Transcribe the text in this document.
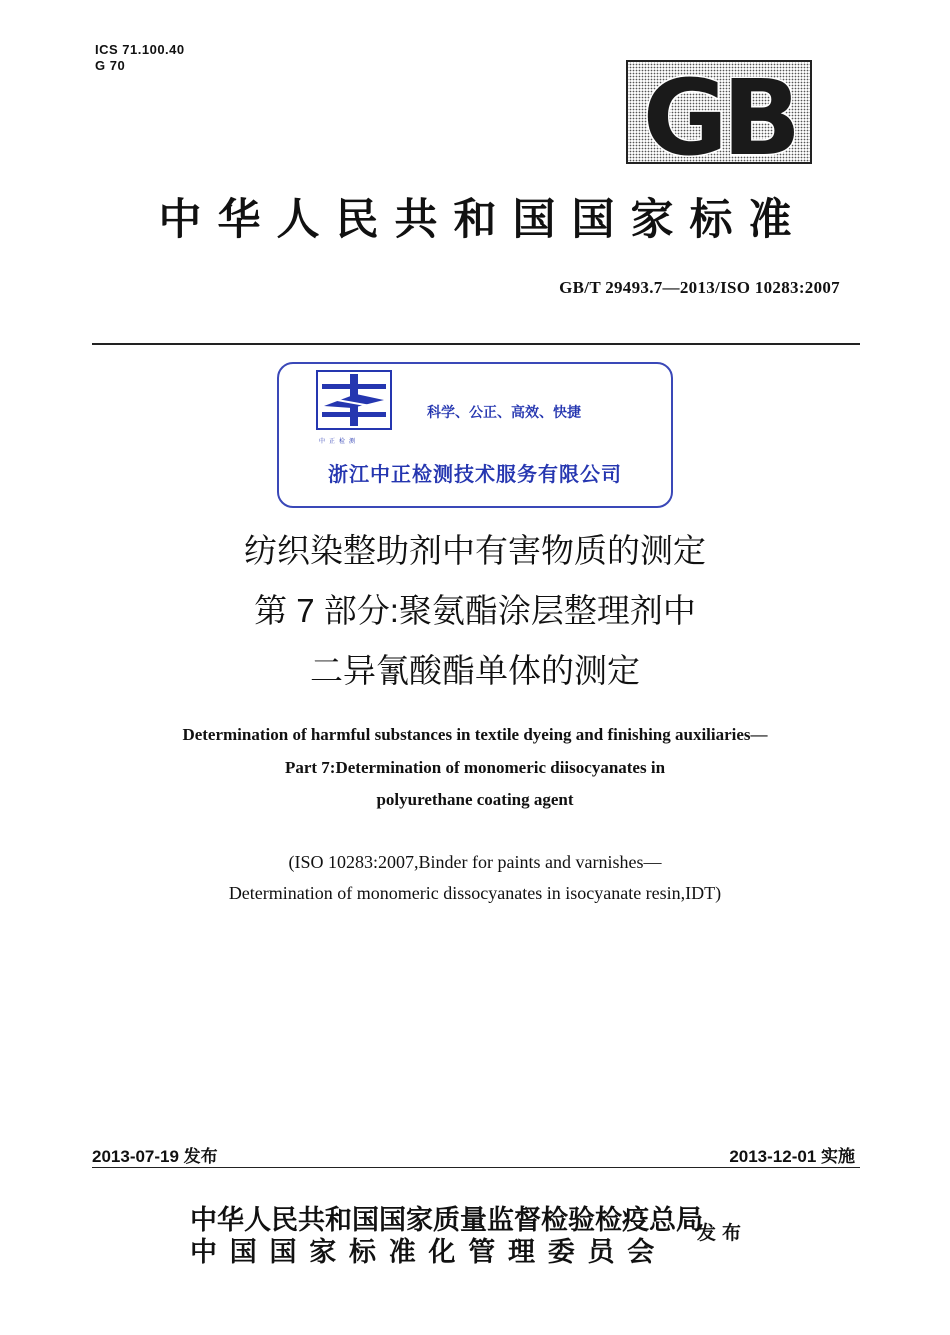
ICS 71.100.40
G 70	GB
中华人民共和国国家标准
GB/T 29493.7—2013/ISO 10283:2007
中正检测
科学、公正、高效、快捷
浙江中正检测技术服务有限公司
纺织染整助剂中有害物质的测定
第 7 部分:聚氨酯涂层整理剂中
二异氰酸酯单体的测定
Determination of harmful substances in textile dyeing and finishing auxiliaries—
Part 7:Determination of monomeric diisocyanates in
polyurethane coating agent
(ISO 10283:2007,Binder for paints and varnishes—
Determination of monomeric dissocyanates in isocyanate resin,IDT)
2013-07-19 发布	2013-12-01 实施
中华人民共和国国家质量监督检验检疫总局
中 国 国 家 标 准 化 管 理 委 员 会
发布
